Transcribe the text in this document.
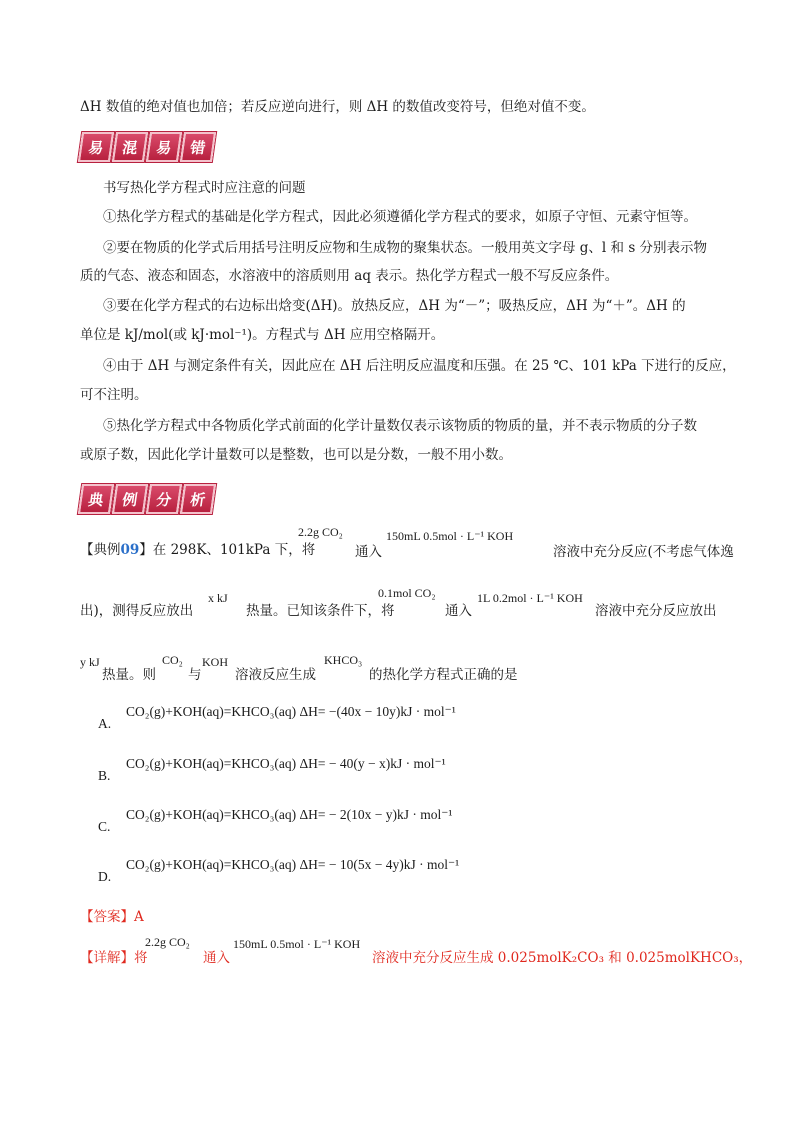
ΔH 数值的绝对值也加倍；若反应逆向进行，则 ΔH 的数值改变符号，但绝对值不变。
易	混	易	错
书写热化学方程式时应注意的问题
①热化学方程式的基础是化学方程式，因此必须遵循化学方程式的要求，如原子守恒、元素守恒等。
②要在物质的化学式后用括号注明反应物和生成物的聚集状态。一般用英文字母 g、l 和 s 分别表示物
质的气态、液态和固态，水溶液中的溶质则用 aq 表示。热化学方程式一般不写反应条件。
③要在化学方程式的右边标出焓变(ΔH)。放热反应，ΔH 为“－”；吸热反应，ΔH 为“＋”。ΔH 的
单位是 kJ/mol(或 kJ·mol⁻¹)。方程式与 ΔH 应用空格隔开。
④由于 ΔH 与测定条件有关，因此应在 ΔH 后注明反应温度和压强。在 25 ℃、101 kPa 下进行的反应，
可不注明。
⑤热化学方程式中各物质化学式前面的化学计量数仅表示该物质的物质的量，并不表示物质的分子数
或原子数，因此化学计量数可以是整数，也可以是分数，一般不用小数。
典	例	分	析
【典例09】在 298K、101kPa 下，将
2.2g CO₂
通入
150mL 0.5mol · L⁻¹ KOH
溶液中充分反应(不考虑气体逸
出)，测得反应放出
x kJ
热量。已知该条件下，将
0.1mol CO₂
通入
1L 0.2mol · L⁻¹ KOH
溶液中充分反应放出
y kJ
热量。则
CO₂
与
KOH
溶液反应生成
KHCO₃
的热化学方程式正确的是
CO₂(g)+KOH(aq)=KHCO₃(aq) ΔH= −(40x − 10y)kJ · mol⁻¹
A.
CO₂(g)+KOH(aq)=KHCO₃(aq) ΔH= − 40(y − x)kJ · mol⁻¹
B.
CO₂(g)+KOH(aq)=KHCO₃(aq) ΔH= − 2(10x − y)kJ · mol⁻¹
C.
CO₂(g)+KOH(aq)=KHCO₃(aq) ΔH= − 10(5x − 4y)kJ · mol⁻¹
D.
【答案】A
【详解】将
2.2g CO₂
通入
150mL 0.5mol · L⁻¹ KOH
溶液中充分反应生成 0.025molK₂CO₃ 和 0.025molKHCO₃，
